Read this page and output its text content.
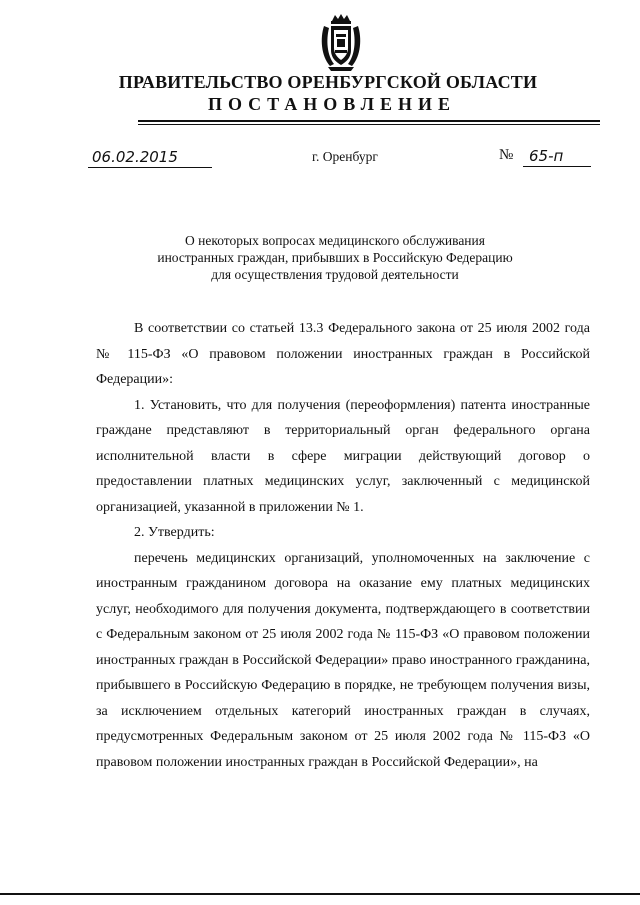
ПРАВИТЕЛЬСТВО ОРЕНБУРГСКОЙ ОБЛАСТИ
ПОСТАНОВЛЕНИЕ
06.02.2015	г. Оренбург	№	65-п
О некоторых вопросах медицинского обслуживания
иностранных граждан, прибывших в Российскую Федерацию
для осуществления трудовой деятельности

В соответствии со статьей 13.3 Федерального закона от 25 июля 2002 года № 115-ФЗ «О правовом положении иностранных граждан в Российской Федерации»:

1. Установить, что для получения (переоформления) патента иностранные граждане представляют в территориальный орган федерального органа исполнительной власти в сфере миграции действующий договор о предоставлении платных медицинских услуг, заключенный с медицинской организацией, указанной в приложении № 1.

2. Утвердить:

перечень медицинских организаций, уполномоченных на заключение с иностранным гражданином договора на оказание ему платных медицинских услуг, необходимого для получения документа, подтверждающего в соответствии с Федеральным законом от 25 июля 2002 года № 115-ФЗ «О правовом положении иностранных граждан в Российской Федерации» право иностранного гражданина, прибывшего в Российскую Федерацию в порядке, не требующем получения визы, за исключением отдельных категорий иностранных граждан в случаях, предусмотренных Федеральным законом от 25 июля 2002 года № 115-ФЗ «О правовом положении иностранных граждан в Российской Федерации», на
